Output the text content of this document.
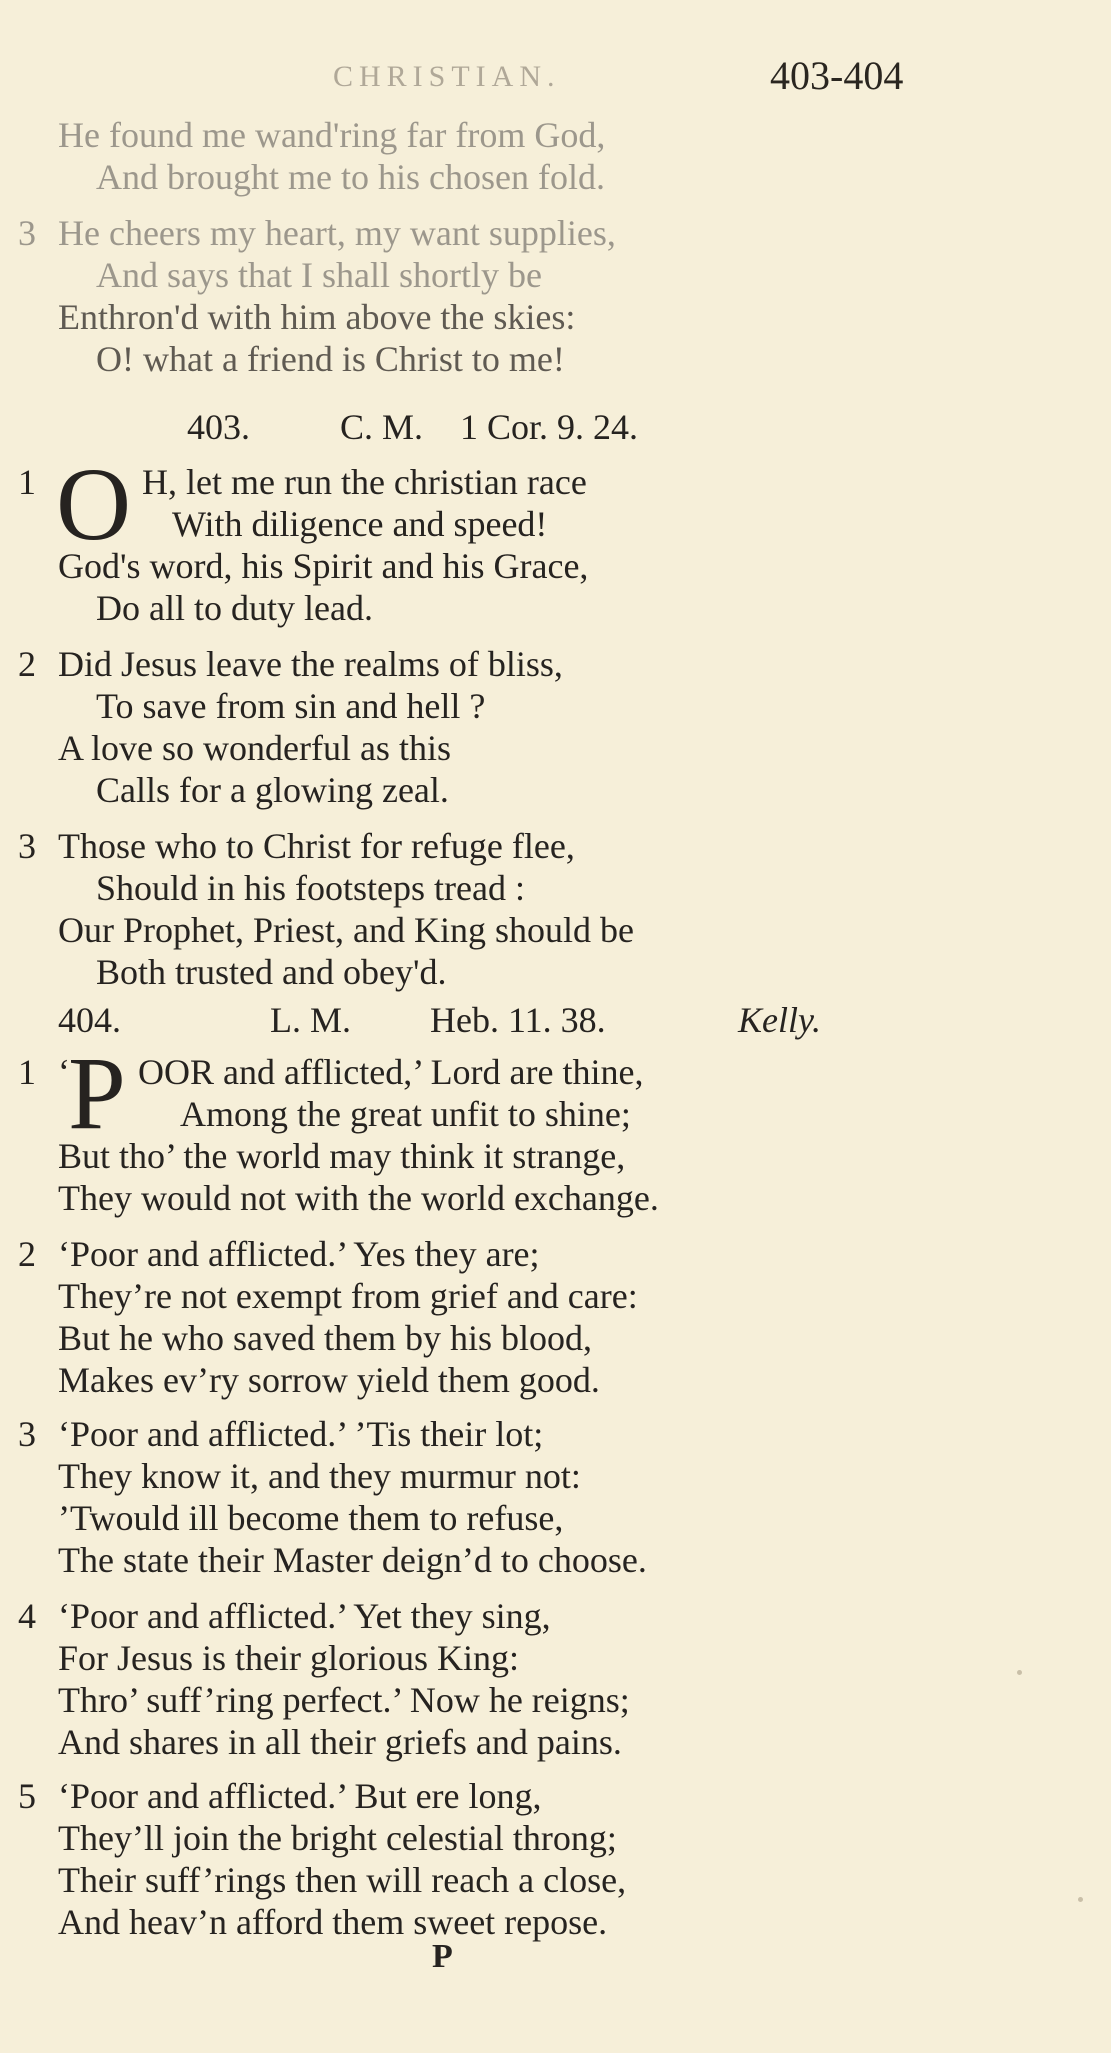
CHRISTIAN.	403-404
He found me wand'ring far from God,
And brought me to his chosen fold.
3 He cheers my heart, my want supplies,
And says that I shall shortly be
Enthron'd with him above the skies:
O! what a friend is Christ to me!
403.	C. M. 1 Cor. 9. 24.
1 O H, let me run the christian race
With diligence and speed!
God's word, his Spirit and his Grace,
Do all to duty lead.
2 Did Jesus leave the realms of bliss,
To save from sin and hell ?
A love so wonderful as this
Calls for a glowing zeal.
3 Those who to Christ for refuge flee,
Should in his footsteps tread :
Our Prophet, Priest, and King should be
Both trusted and obey'd.
404.	L. M. Heb. 11. 38.	Kelly.
1 ‘
P OOR and afflicted,’ Lord are thine,
Among the great unfit to shine;
But tho’ the world may think it strange,
They would not with the world exchange.
2 ‘Poor and afflicted.’ Yes they are;
They’re not exempt from grief and care:
But he who saved them by his blood,
Makes ev’ry sorrow yield them good.
3 ‘Poor and afflicted.’ ’Tis their lot;
They know it, and they murmur not:
’Twould ill become them to refuse,
The state their Master deign’d to choose.
4 ‘Poor and afflicted.’ Yet they sing,
For Jesus is their glorious King:
Thro’ suff’ring perfect.’ Now he reigns;
And shares in all their griefs and pains.
5 ‘Poor and afflicted.’ But ere long,
They’ll join the bright celestial throng;
Their suff’rings then will reach a close,
And heav’n afford them sweet repose.
P
